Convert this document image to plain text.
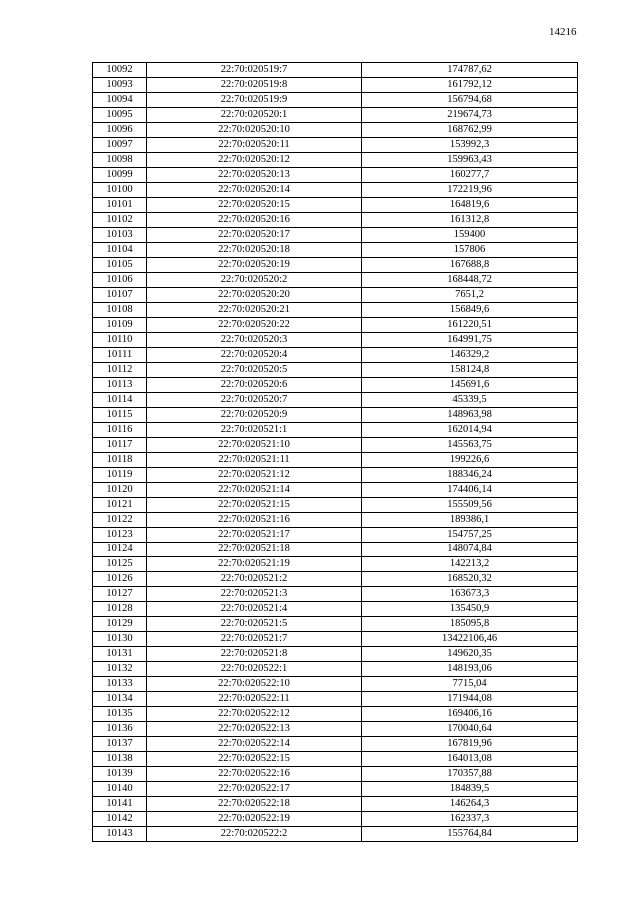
14216
10092	22:70:020519:7	174787,62
10093	22:70:020519:8	161792,12
10094	22:70:020519:9	156794,68
10095	22:70:020520:1	219674,73
10096	22:70:020520:10	168762,99
10097	22:70:020520:11	153992,3
10098	22:70:020520:12	159963,43
10099	22:70:020520:13	160277,7
10100	22:70:020520:14	172219,96
10101	22:70:020520:15	164819,6
10102	22:70:020520:16	161312,8
10103	22:70:020520:17	159400
10104	22:70:020520:18	157806
10105	22:70:020520:19	167688,8
10106	22:70:020520:2	168448,72
10107	22:70:020520:20	7651,2
10108	22:70:020520:21	156849,6
10109	22:70:020520:22	161220,51
10110	22:70:020520:3	164991,75
10111	22:70:020520:4	146329,2
10112	22:70:020520:5	158124,8
10113	22:70:020520:6	145691,6
10114	22:70:020520:7	45339,5
10115	22:70:020520:9	148963,98
10116	22:70:020521:1	162014,94
10117	22:70:020521:10	145563,75
10118	22:70:020521:11	199226,6
10119	22:70:020521:12	188346,24
10120	22:70:020521:14	174406,14
10121	22:70:020521:15	155509,56
10122	22:70:020521:16	189386,1
10123	22:70:020521:17	154757,25
10124	22:70:020521:18	148074,84
10125	22:70:020521:19	142213,2
10126	22:70:020521:2	168520,32
10127	22:70:020521:3	163673,3
10128	22:70:020521:4	135450,9
10129	22:70:020521:5	185095,8
10130	22:70:020521:7	13422106,46
10131	22:70:020521:8	149620,35
10132	22:70:020522:1	148193,06
10133	22:70:020522:10	7715,04
10134	22:70:020522:11	171944,08
10135	22:70:020522:12	169406,16
10136	22:70:020522:13	170040,64
10137	22:70:020522:14	167819,96
10138	22:70:020522:15	164013,08
10139	22:70:020522:16	170357,88
10140	22:70:020522:17	184839,5
10141	22:70:020522:18	146264,3
10142	22:70:020522:19	162337,3
10143	22:70:020522:2	155764,84
